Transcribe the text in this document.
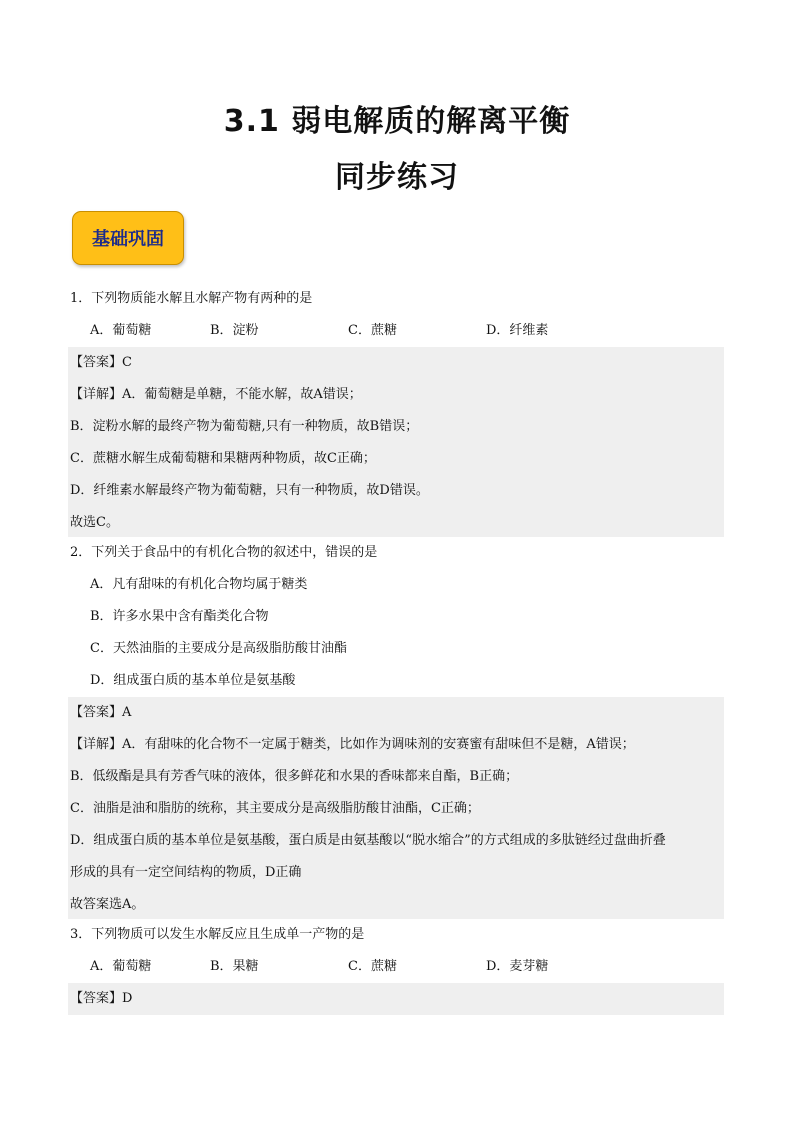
3.1 弱电解质的解离平衡
同步练习
基础巩固
1．下列物质能水解且水解产物有两种的是
A．葡萄糖	B．淀粉	C．蔗糖	D．纤维素
【答案】C
【详解】A．葡萄糖是单糖，不能水解，故A错误；
B．淀粉水解的最终产物为葡萄糖,只有一种物质，故B错误；
C．蔗糖水解生成葡萄糖和果糖两种物质，故C正确；
D．纤维素水解最终产物为葡萄糖，只有一种物质，故D错误。
故选C。
2．下列关于食品中的有机化合物的叙述中，错误的是
A．凡有甜味的有机化合物均属于糖类
B．许多水果中含有酯类化合物
C．天然油脂的主要成分是高级脂肪酸甘油酯
D．组成蛋白质的基本单位是氨基酸
【答案】A
【详解】A．有甜味的化合物不一定属于糖类，比如作为调味剂的安赛蜜有甜味但不是糖，A错误；
B．低级酯是具有芳香气味的液体，很多鲜花和水果的香味都来自酯，B正确；
C．油脂是油和脂肪的统称，其主要成分是高级脂肪酸甘油酯，C正确；
D．组成蛋白质的基本单位是氨基酸，蛋白质是由氨基酸以“脱水缩合”的方式组成的多肽链经过盘曲折叠
形成的具有一定空间结构的物质，D正确
故答案选A。
3．下列物质可以发生水解反应且生成单一产物的是
A．葡萄糖	B．果糖	C．蔗糖	D．麦芽糖
【答案】D
